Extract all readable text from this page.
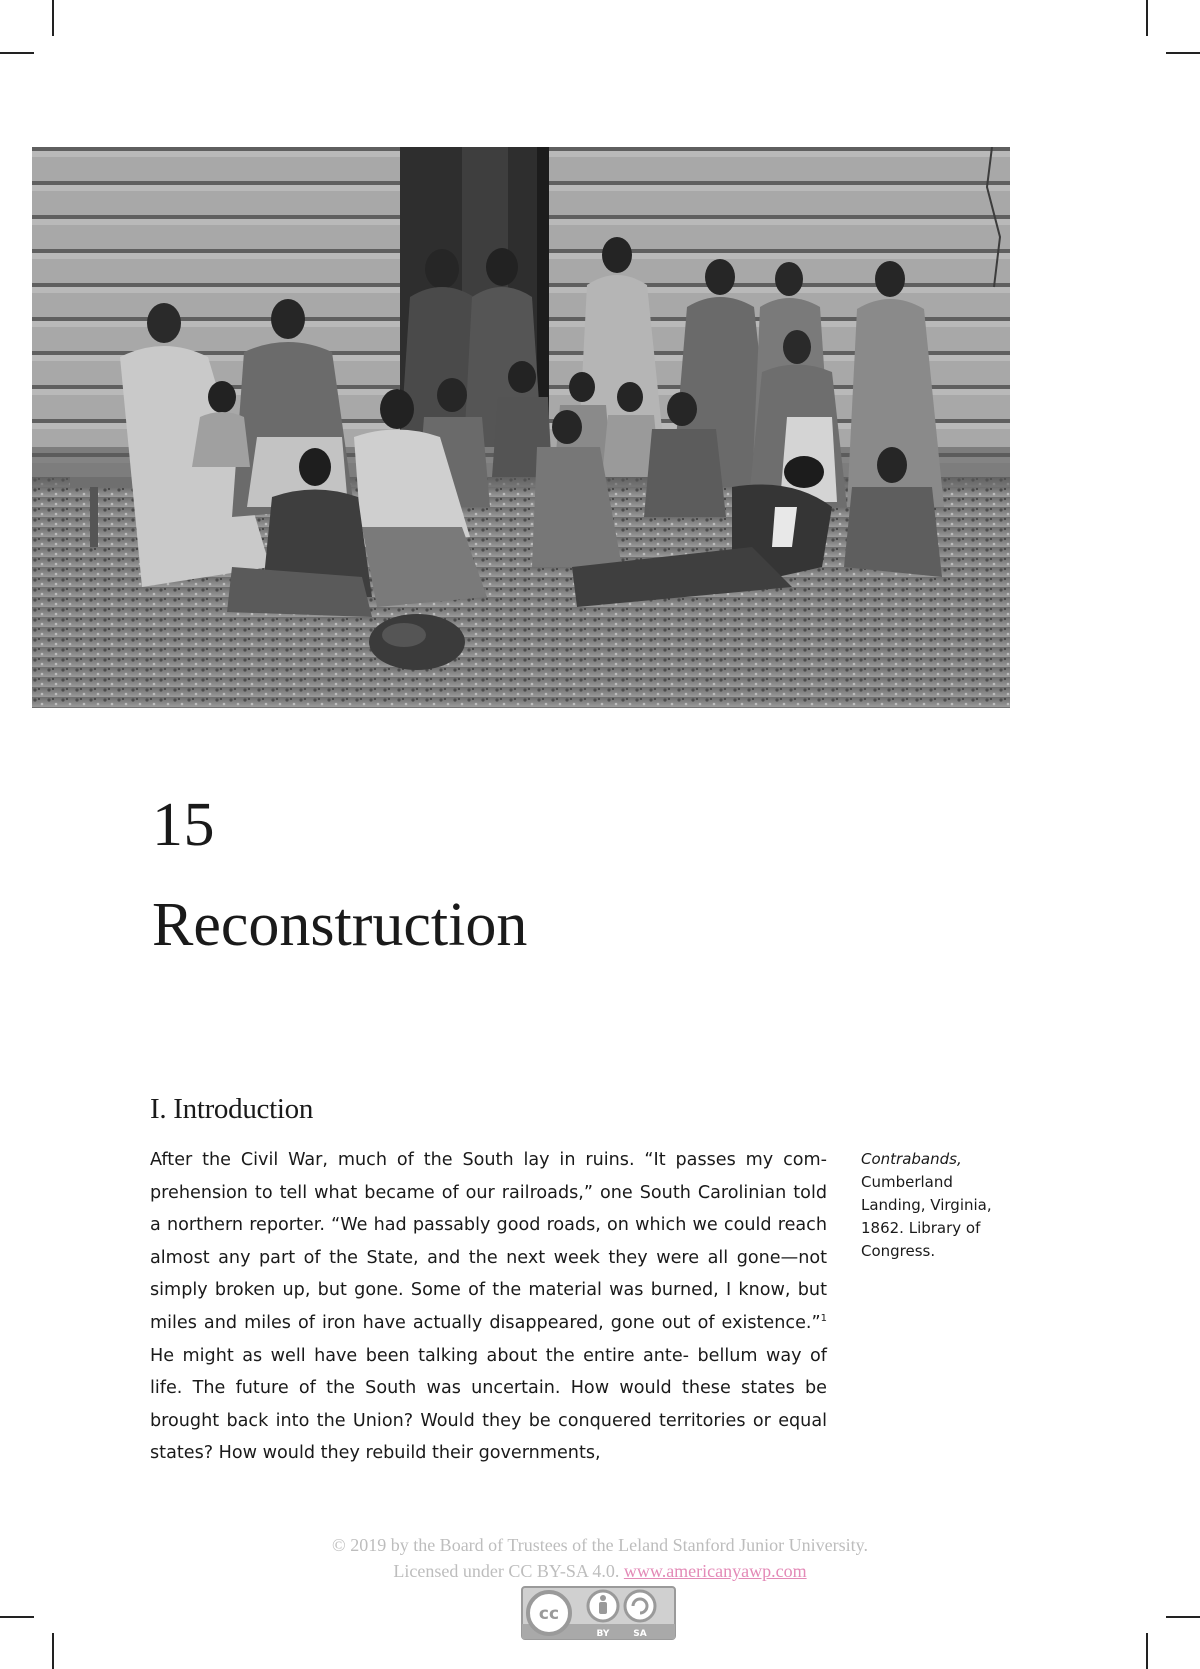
15
Reconstruction
I. Introduction

After the Civil War, much of the South lay in ruins. “It passes my com- prehension to tell what became of our railroads,” one South Carolinian told a northern reporter. “We had passably good roads, on which we could reach almost any part of the State, and the next week they were all gone—not simply broken up, but gone. Some of the material was burned, I know, but miles and miles of iron have actually disappeared, gone out of existence.”$^1$ He might as well have been talking about the entire ante- bellum way of life. The future of the South was uncertain. How would these states be brought back into the Union? Would they be conquered territories or equal states? How would they rebuild their governments,

Contrabands, Cumberland Landing, Virginia, 1862. Library of Congress.

© 2019 by the Board of Trustees of the Leland Stanford Junior University.
Licensed under CC BY-SA 4.0. www.americanyawp.com
cc
BY	SA
